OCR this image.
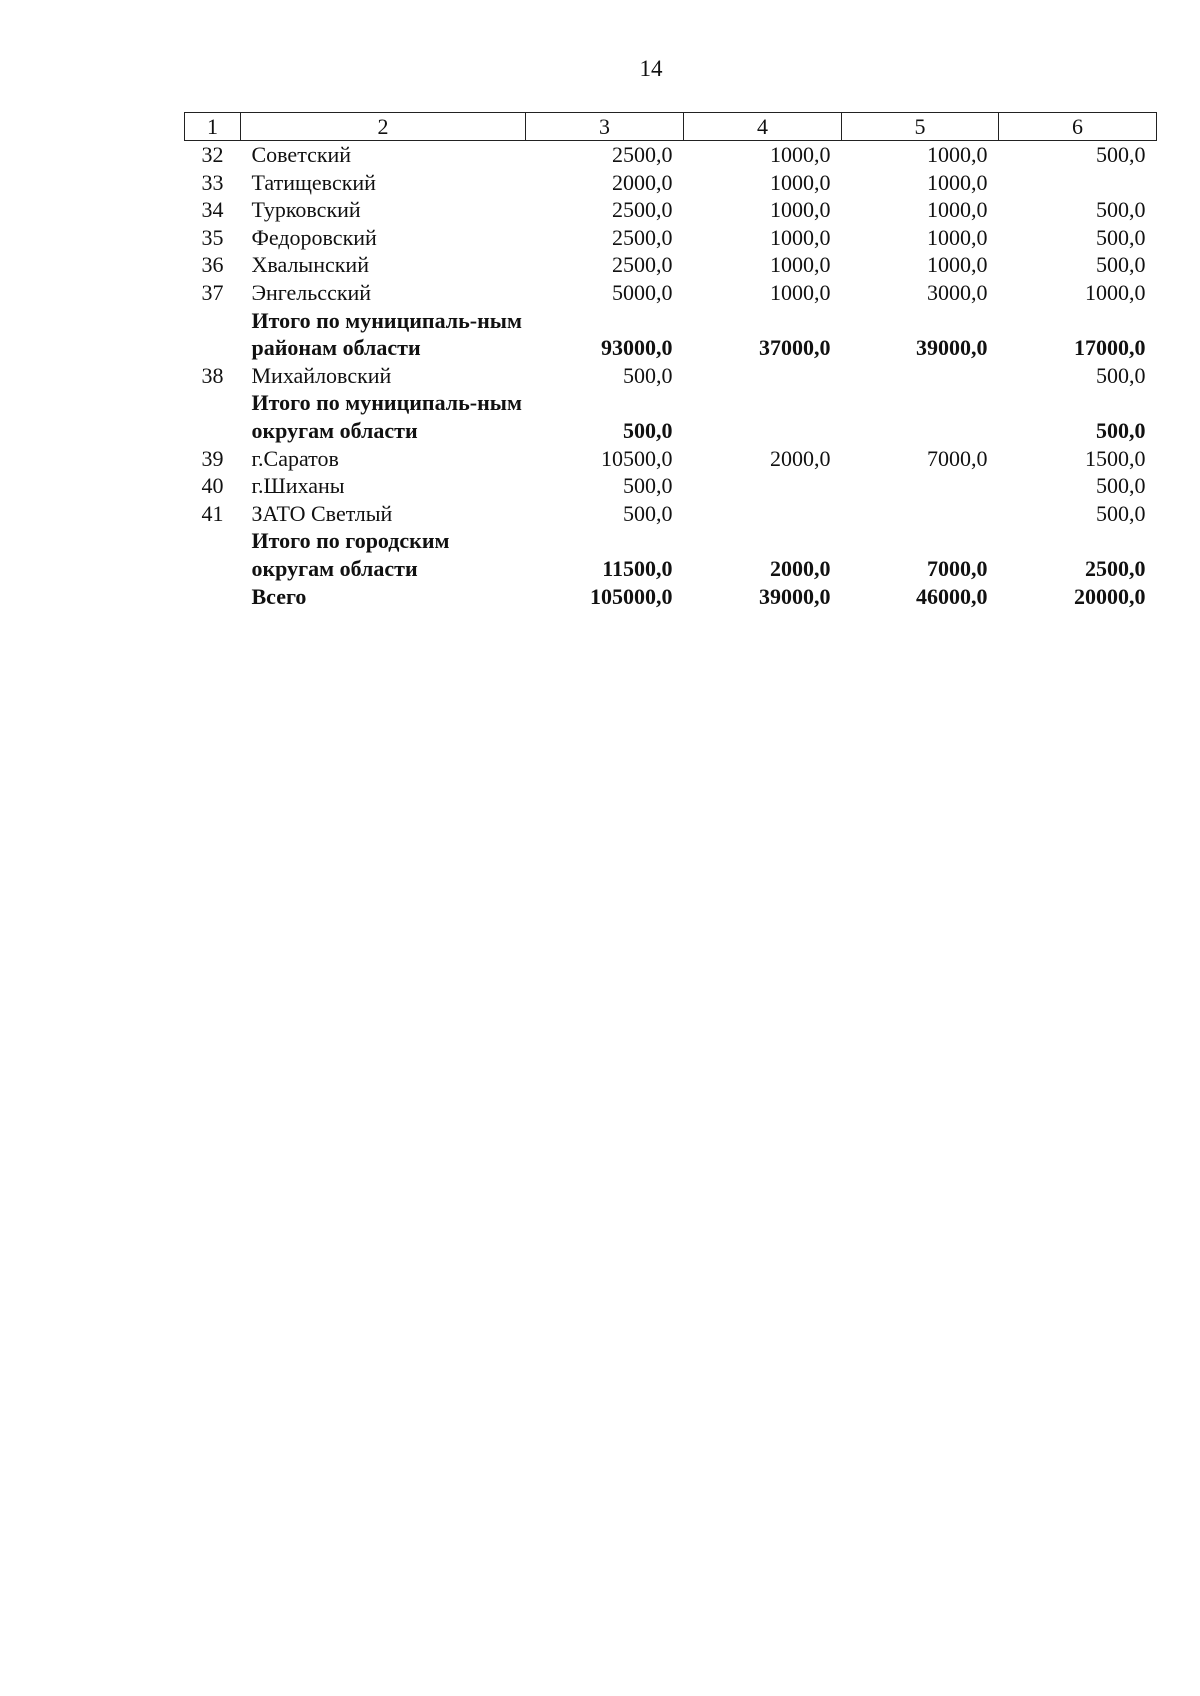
14
1	2	3	4	5	6
32	Советский	2500,0	1000,0	1000,0	500,0
33	Татищевский	2000,0	1000,0	1000,0	
34	Турковский	2500,0	1000,0	1000,0	500,0
35	Федоровский	2500,0	1000,0	1000,0	500,0
36	Хвалынский	2500,0	1000,0	1000,0	500,0
37	Энгельсский	5000,0	1000,0	3000,0	1000,0
	Итого по муниципаль-ным районам области	93000,0	37000,0	39000,0	17000,0
38	Михайловский	500,0			500,0
	Итого по муниципаль-ным округам области	500,0			500,0
39	г.Саратов	10500,0	2000,0	7000,0	1500,0
40	г.Шиханы	500,0			500,0
41	ЗАТО Светлый	500,0			500,0
	Итого по городским округам области	11500,0	2000,0	7000,0	2500,0
	Всего	105000,0	39000,0	46000,0	20000,0
